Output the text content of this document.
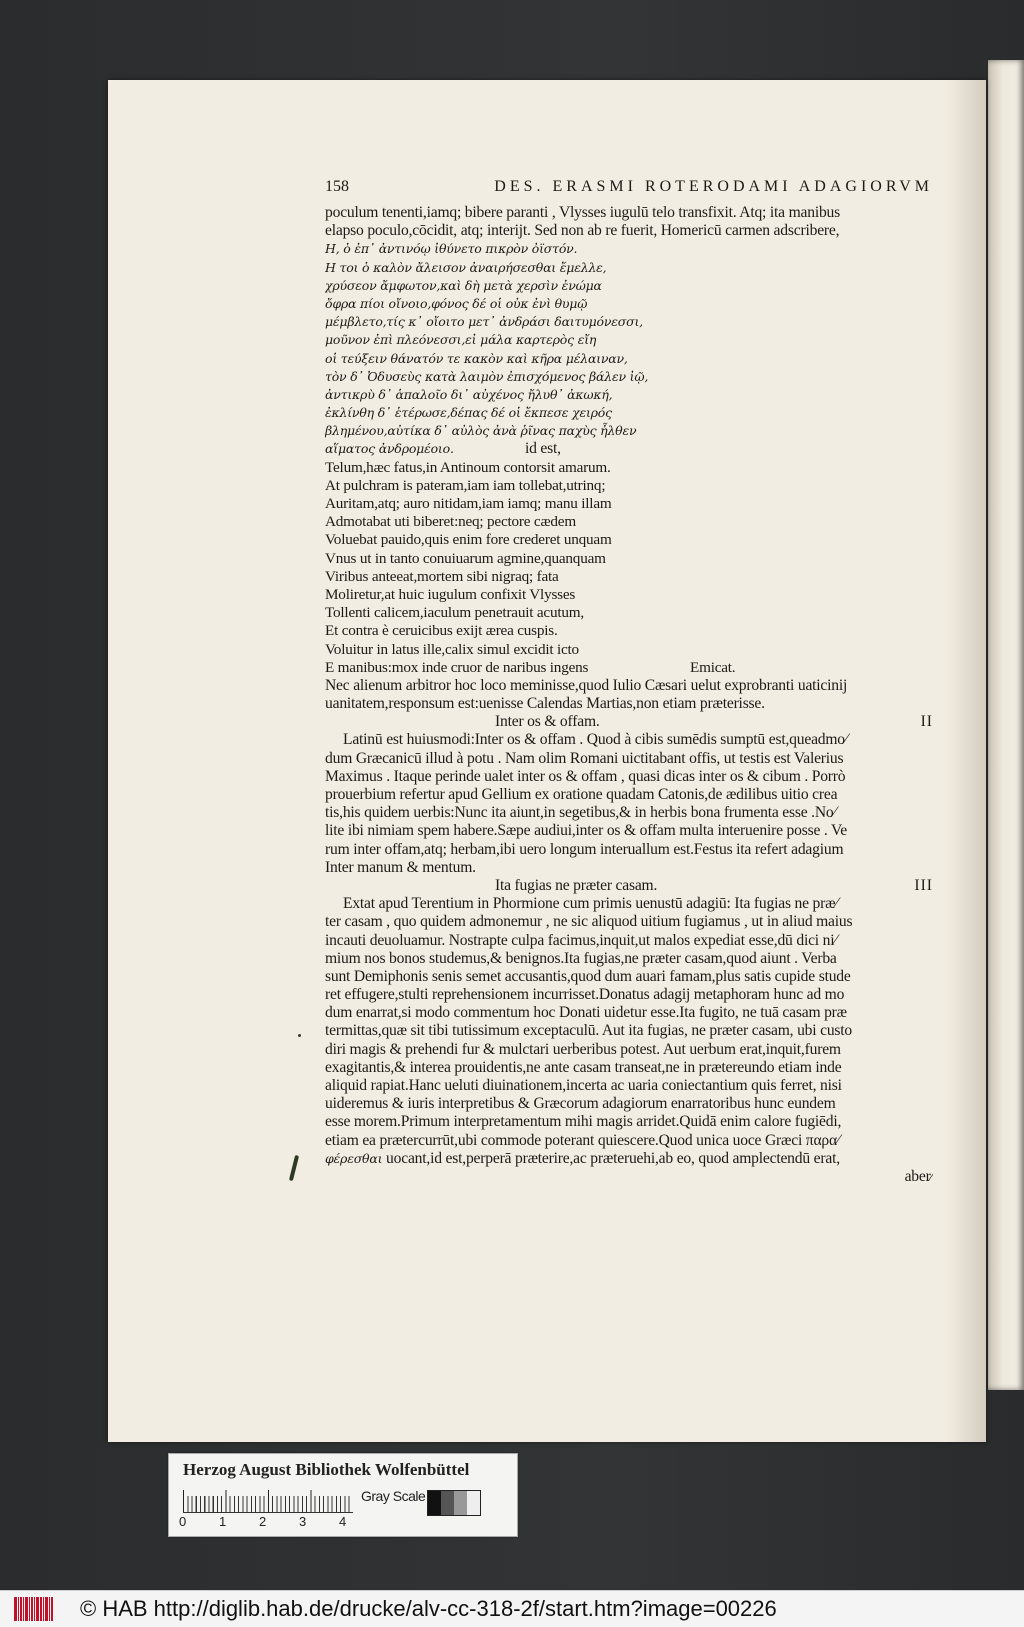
158	DES. ERASMI ROTERODAMI ADAGIORVM
poculum tenenti,iamq; bibere paranti , Vlysses iugulū telo transfixit. Atq; ita manibus
elapso poculo,cōcidit, atq; interijt. Sed non ab re fuerit, Homericū carmen adscribere,
Η, ὁ ἐπ᾽ ἀντινόῳ ἰθύνετο πικρὸν ὀϊστόν.
Η τοι ὁ καλὸν ἄλεισον ἀναιρήσεσθαι ἔμελλε,
χρύσεον ἄμφωτον,καὶ δὴ μετὰ χερσὶν ἐνώμα
ὄφρα πίοι οἴνοιο,φόνος δέ οἱ οὐκ ἐνὶ θυμῷ
μέμβλετο,τίς κ᾽ οἴοιτο μετ᾽ ἀνδράσι δαιτυμόνεσσι,
μοῦνον ἐπὶ πλεόνεσσι,εἰ μάλα καρτερὸς εἴη
οἱ τεύξειν θάνατόν τε κακὸν καὶ κῆρα μέλαιναν,
τὸν δ᾽ Ὀδυσεὺς κατὰ λαιμὸν ἐπισχόμενος βάλεν ἰῷ,
ἀντικρὺ δ᾽ ἁπαλοῖο δι᾽ αὐχένος ἤλυθ᾽ ἀκωκή,
ἐκλίνθη δ᾽ ἑτέρωσε,δέπας δέ οἱ ἔκπεσε χειρός
βλημένου,αὐτίκα δ᾽ αὐλὸς ἀνὰ ῥῖνας παχὺς ἦλθεν
αἵματος ἀνδρομέοιο.	id est,
Telum,hæc fatus,in Antinoum contorsit amarum.
At pulchram is pateram,iam iam tollebat,utrinq;
Auritam,atq; auro nitidam,iam iamq; manu illam
Admotabat uti biberet:neq; pectore cædem
Voluebat pauido,quis enim fore crederet unquam
Vnus ut in tanto conuiuarum agmine,quanquam
Viribus anteeat,mortem sibi nigraq; fata
Moliretur,at huic iugulum confixit Vlysses
Tollenti calicem,iaculum penetrauit acutum,
Et contra è ceruicibus exijt ærea cuspis.
Voluitur in latus ille,calix simul excidit icto
E manibus:mox inde cruor de naribus ingens	Emicat.
Nec alienum arbitror hoc loco meminisse,quod Iulio Cæsari uelut exprobranti uaticinij
uanitatem,responsum est:uenisse Calendas Martias,non etiam præterisse.
Inter os & offam.	II
Latinū est huiusmodi:Inter os & offam . Quod à cibis sumēdis sumptū est,queadmo⁄
dum Græcanicū illud à potu . Nam olim Romani uictitabant offis, ut testis est Valerius
Maximus . Itaque perinde ualet inter os & offam , quasi dicas inter os & cibum . Porrò
prouerbium refertur apud Gellium ex oratione quadam Catonis,de ædilibus uitio crea
tis,his quidem uerbis:Nunc ita aiunt,in segetibus,& in herbis bona frumenta esse .No⁄
lite ibi nimiam spem habere.Sæpe audiui,inter os & offam multa interuenire posse . Ve
rum inter offam,atq; herbam,ibi uero longum interuallum est.Festus ita refert adagium
Inter manum & mentum.
Ita fugias ne præter casam.	III
Extat apud Terentium in Phormione cum primis uenustū adagiū: Ita fugias ne præ⁄
ter casam , quo quidem admonemur , ne sic aliquod uitium fugiamus , ut in aliud maius
incauti deuoluamur. Nostrapte culpa facimus,inquit,ut malos expediat esse,dū dici ni⁄
mium nos bonos studemus,& benignos.Ita fugias,ne præter casam,quod aiunt . Verba
sunt Demiphonis senis semet accusantis,quod dum auari famam,plus satis cupide stude
ret effugere,stulti reprehensionem incurrisset.Donatus adagij metaphoram hunc ad mo
dum enarrat,si modo commentum hoc Donati uidetur esse.Ita fugito, ne tuā casam præ
termittas,quæ sit tibi tutissimum exceptaculū. Aut ita fugias, ne præter casam, ubi custo
diri magis & prehendi fur & mulctari uerberibus potest. Aut uerbum erat,inquit,furem
exagitantis,& interea prouidentis,ne ante casam transeat,ne in prætereundo etiam inde
aliquid rapiat.Hanc ueluti diuinationem,incerta ac uaria coniectantium quis ferret, nisi
uideremus & iuris interpretibus & Græcorum adagiorum enarratoribus hunc eundem
esse morem.Primum interpretamentum mihi magis arridet.Quidā enim calore fugiēdi,
etiam ea prætercurrūt,ubi commode poterant quiescere.Quod unica uoce Græci παρα⁄
φέρεσθαι uocant,id est,perperā præterire,ac præteruehi,ab eo, quod amplectendū erat,
aber⁄
Herzog August Bibliothek Wolfenbüttel
0	1	2	3	4
Gray Scale
© HAB http://diglib.hab.de/drucke/alv-cc-318-2f/start.htm?image=00226
